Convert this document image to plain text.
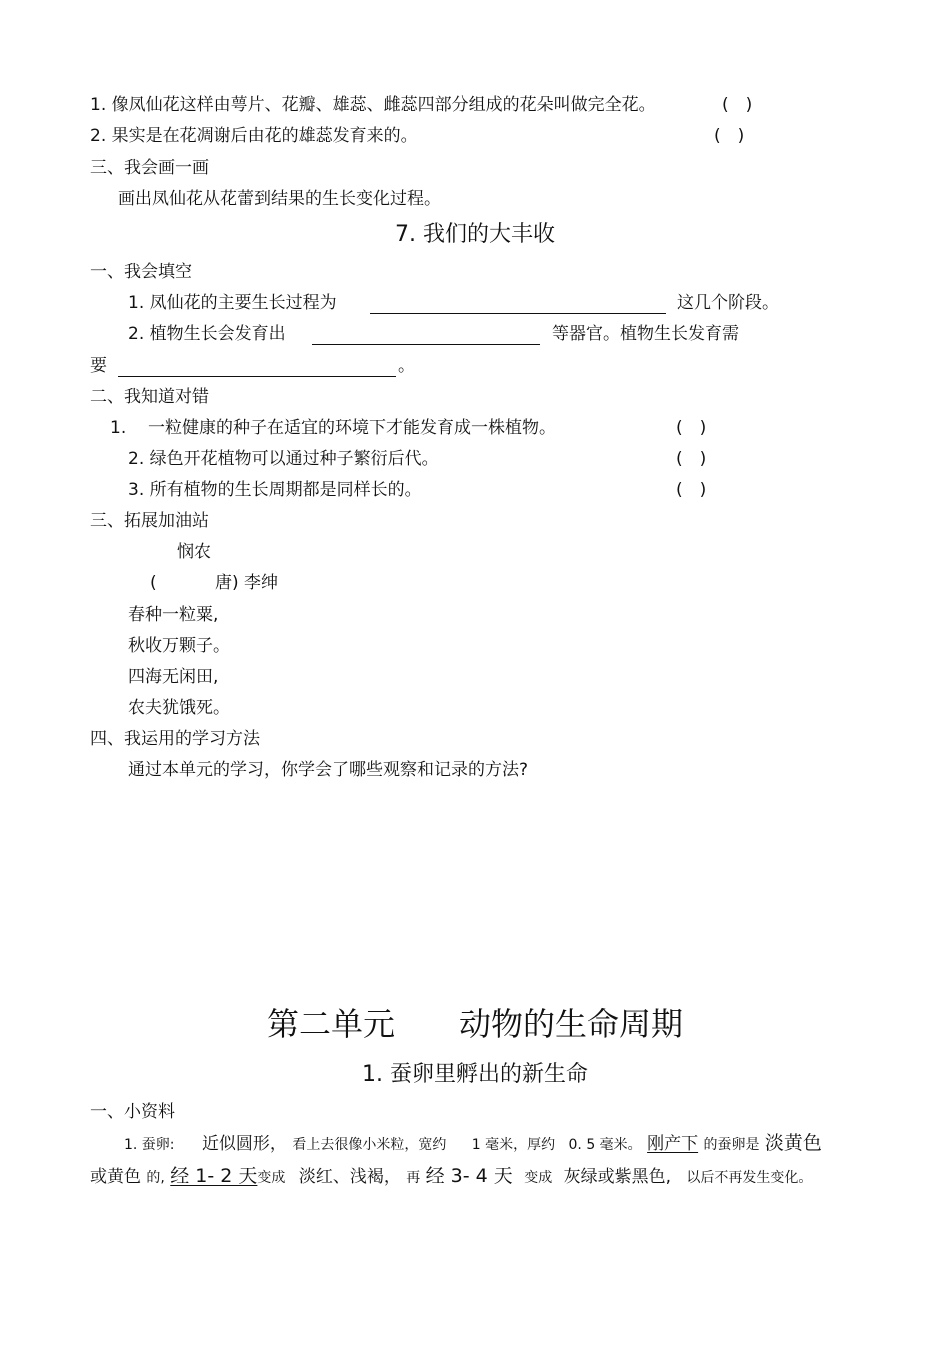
1. 像凤仙花这样由萼片、花瓣、雄蕊、雌蕊四部分组成的花朵叫做完全花。	(　)
2. 果实是在花凋谢后由花的雄蕊发育来的。	(　)
三、我会画一画
画出凤仙花从花蕾到结果的生长变化过程。
7. 我们的大丰收
一、我会填空
1. 凤仙花的主要生长过程为	这几个阶段。
2. 植物生长会发育出	等器官。植物生长发育需
要	。
二、我知道对错
1. 一粒健康的种子在适宜的环境下才能发育成一株植物。	(　)
2. 绿色开花植物可以通过种子繁衍后代。	(　)
3. 所有植物的生长周期都是同样长的。	(　)
三、拓展加油站
悯农
(	唐) 李绅
春种一粒粟,
秋收万颗子。
四海无闲田,
农夫犹饿死。
四、我运用的学习方法
通过本单元的学习，你学会了哪些观察和记录的方法?
第二单元　　动物的生命周期
1. 蚕卵里孵出的新生命
一、小资料
1. 蚕卵: 近似圆形， 看上去很像小米粒，宽约 1 毫米，厚约 0. 5 毫米。 刚产下 的蚕卵是 淡黄色
或黄色 的, 经 1- 2 天变成 淡红、浅褐， 再 经 3- 4 天 变成 灰绿或紫黑色, 以后不再发生变化。
